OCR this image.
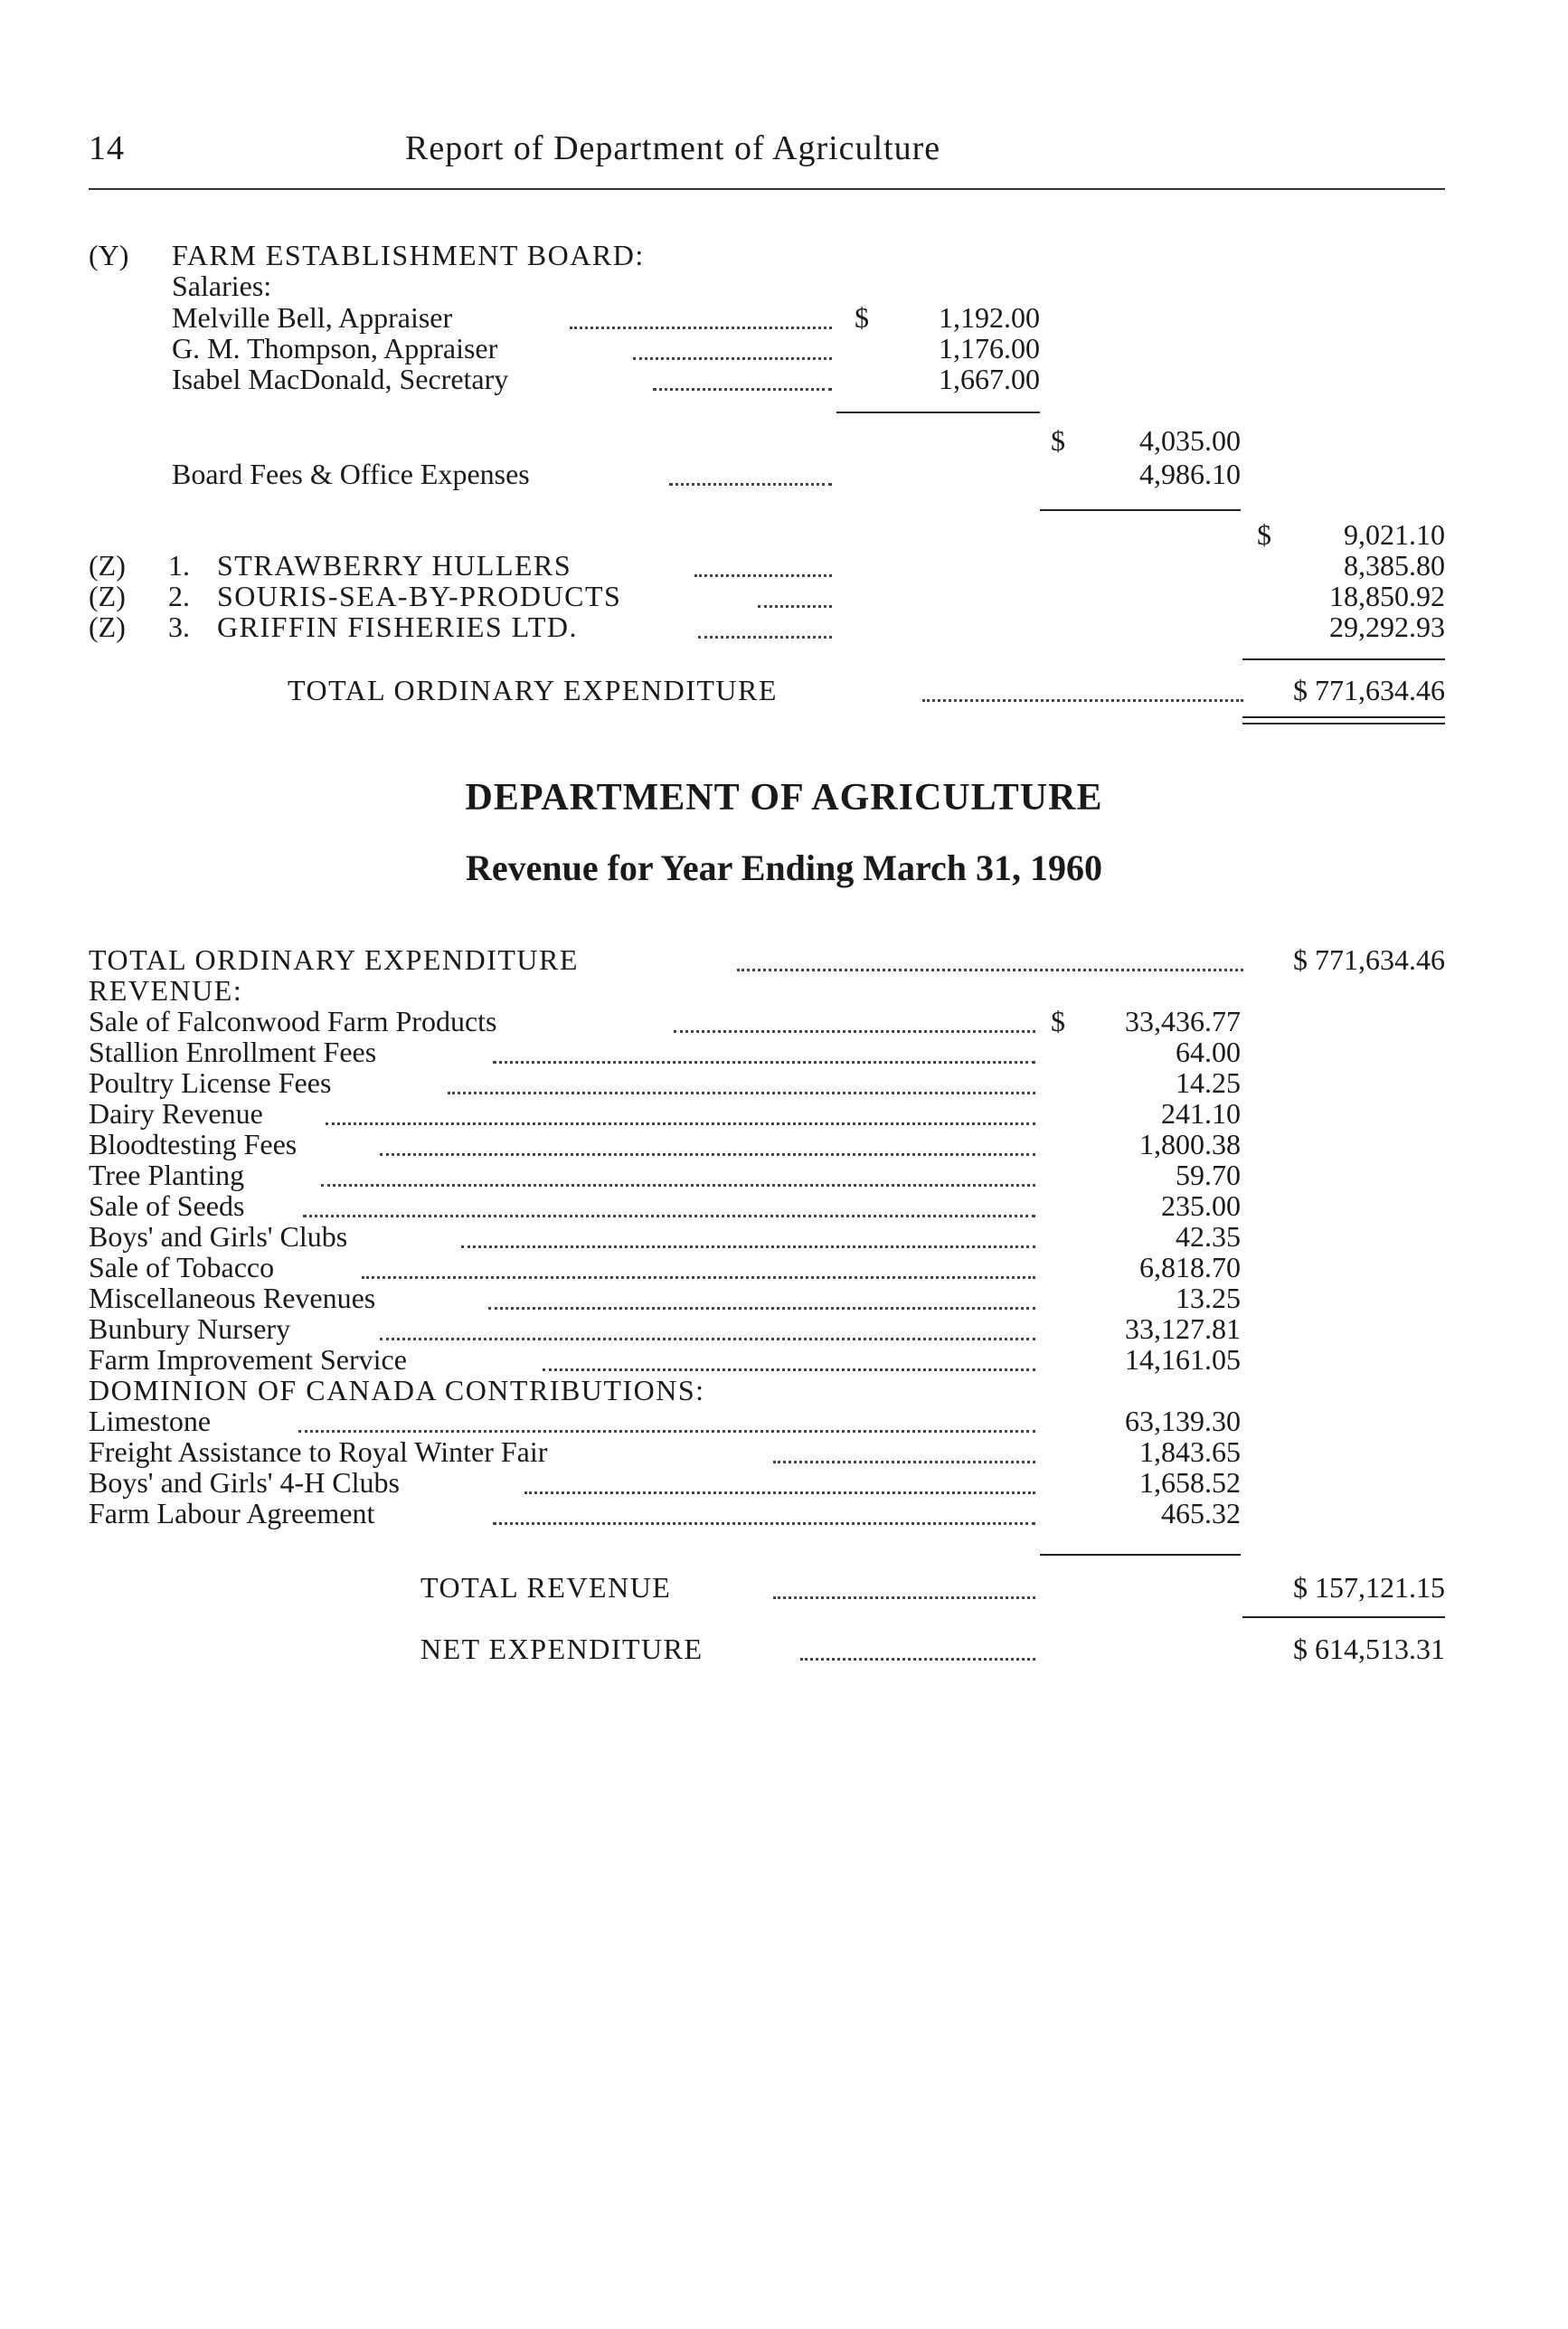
14	Report of Department of Agriculture
(Y) FARM ESTABLISHMENT BOARD:
Salaries:
Melville Bell, Appraiser	$	1,192.00
G. M. Thompson, Appraiser	1,176.00
Isabel MacDonald, Secretary	1,667.00
$	4,035.00
Board Fees & Office Expenses	4,986.10
$	9,021.10
(Z) 1. STRAWBERRY HULLERS	8,385.80
(Z) 2. SOURIS-SEA-BY-PRODUCTS	18,850.92
(Z) 3. GRIFFIN FISHERIES LTD.	29,292.93
TOTAL ORDINARY EXPENDITURE	$ 771,634.46
DEPARTMENT OF AGRICULTURE
Revenue for Year Ending March 31, 1960
TOTAL ORDINARY EXPENDITURE	$ 771,634.46
REVENUE:
Sale of Falconwood Farm Products	$	33,436.77
Stallion Enrollment Fees	64.00
Poultry License Fees	14.25
Dairy Revenue	241.10
Bloodtesting Fees	1,800.38
Tree Planting	59.70
Sale of Seeds	235.00
Boys' and Girls' Clubs	42.35
Sale of Tobacco	6,818.70
Miscellaneous Revenues	13.25
Bunbury Nursery	33,127.81
Farm Improvement Service	14,161.05
DOMINION OF CANADA CONTRIBUTIONS:
Limestone	63,139.30
Freight Assistance to Royal Winter Fair	1,843.65
Boys' and Girls' 4-H Clubs	1,658.52
Farm Labour Agreement	465.32
TOTAL REVENUE	$ 157,121.15
NET EXPENDITURE	$ 614,513.31
